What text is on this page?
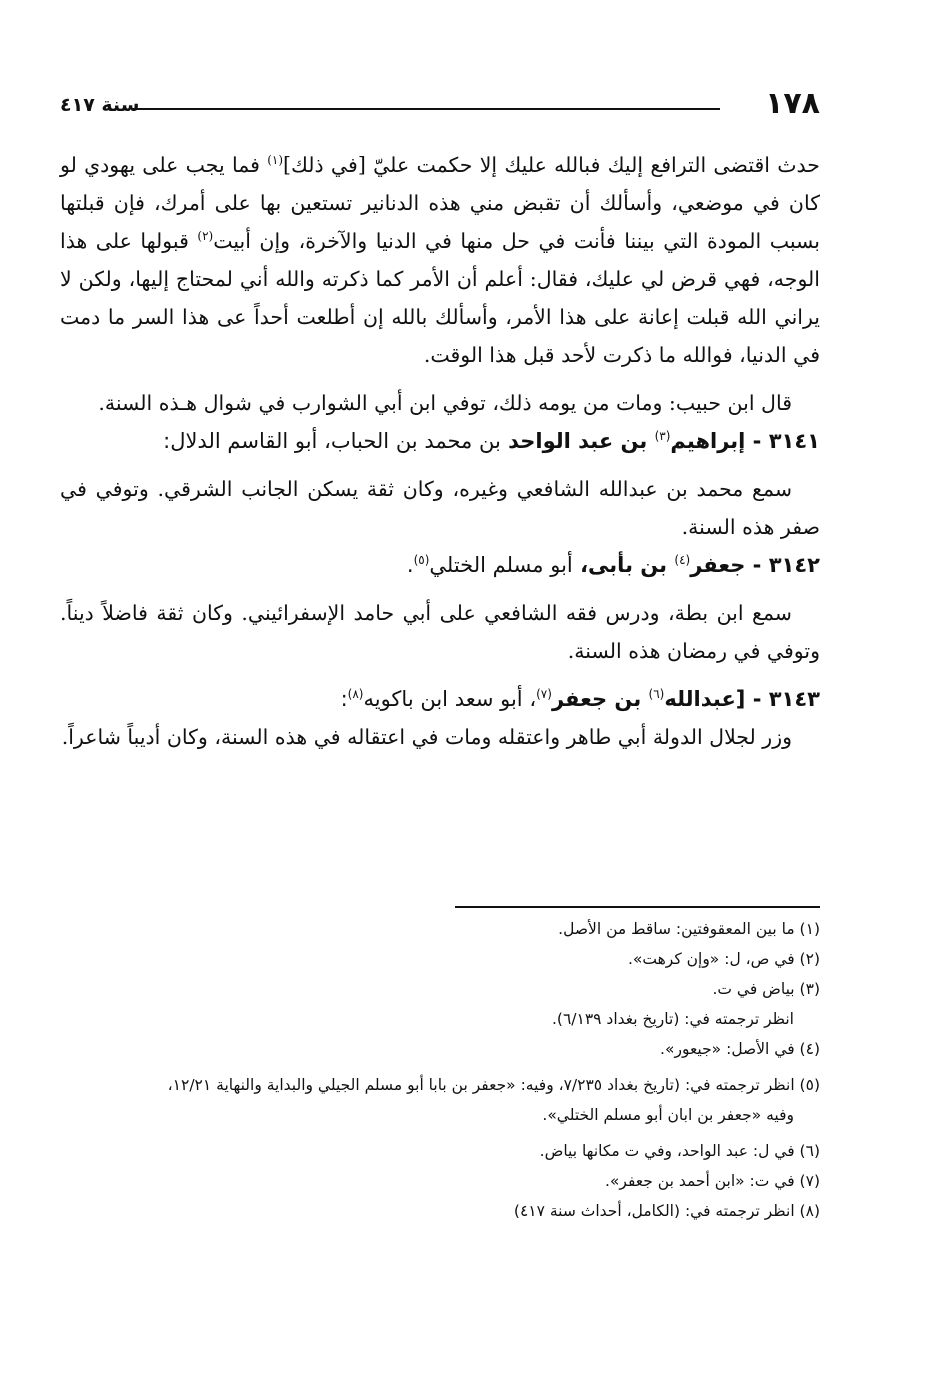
١٧٨
سنة ٤١٧

حدث اقتضى الترافع إليك فبالله عليك إلا حكمت عليّ [في ذلك]$^{(١)}$ فما يجب على يهودي لو كان في موضعي، وأسألك أن تقبض مني هذه الدنانير تستعين بها على أمرك، فإن قبلتها بسبب المودة التي بيننا فأنت في حل منها في الدنيا والآخرة، وإن أبيت$^{(٢)}$ قبولها على هذا الوجه، فهي قرض لي عليك، فقال: أعلم أن الأمر كما ذكرته والله أني لمحتاج إليها، ولكن لا يراني الله قبلت إعانة على هذا الأمر، وأسألك بالله إن أطلعت أحداً عى هذا السر ما دمت في الدنيا، فوالله ما ذكرت لأحد قبل هذا الوقت.

قال ابن حبيب: ومات من يومه ذلك، توفي ابن أبي الشوارب في شوال هـذه السنة.

٣١٤١ - إبراهيم$^{(٣)}$ بن عبد الواحد بن محمد بن الحباب، أبو القاسم الدلال:

سمع محمد بن عبدالله الشافعي وغيره، وكان ثقة يسكن الجانب الشرقي. وتوفي في صفر هذه السنة.

٣١٤٢ - جعفر$^{(٤)}$ بن بأبى، أبو مسلم الختلي$^{(٥)}$.

سمع ابن بطة، ودرس فقه الشافعي على أبي حامد الإسفرائيني. وكان ثقة فاضلاً ديناً. وتوفي في رمضان هذه السنة.

٣١٤٣ - [عبدالله$^{(٦)}$ بن جعفر$^{(٧)}$، أبو سعد ابن باكويه$^{(٨)}$:

وزر لجلال الدولة أبي طاهر واعتقله ومات في اعتقاله في هذه السنة، وكان أديباً شاعراً.

(١) ما بين المعقوفتين: ساقط من الأصل.

(٢) في ص، ل: «وإن كرهت».

(٣) بياض في ت.

انظر ترجمته في: (تاريخ بغداد ٦/١٣٩).

(٤) في الأصل: «جيعور».

(٥) انظر ترجمته في: (تاريخ بغداد ٧/٢٣٥، وفيه: «جعفر بن بابا أبو مسلم الجيلي والبداية والنهاية ١٢/٢١،

وفيه «جعفر بن ابان أبو مسلم الختلي».

(٦) في ل: عبد الواحد، وفي ت مكانها بياض.

(٧) في ت: «ابن أحمد بن جعفر».

(٨) انظر ترجمته في: (الكامل، أحداث سنة ٤١٧)
